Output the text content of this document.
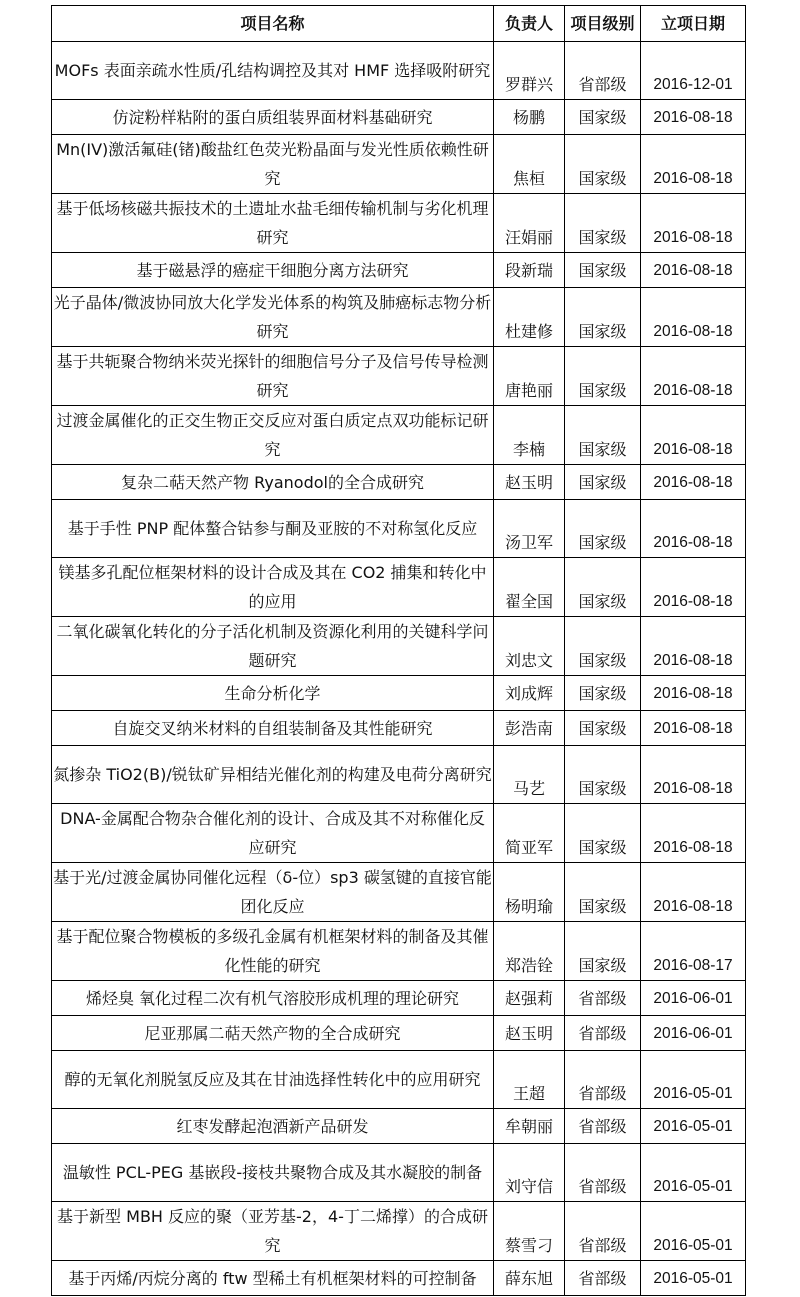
项目名称	负责人	项目级别	立项日期
MOFs 表面亲疏水性质/孔结构调控及其对 HMF 选择吸附研究	罗群兴	省部级	2016-12-01
仿淀粉样粘附的蛋白质组装界面材料基础研究	杨鹏	国家级	2016-08-18
Mn(IV)激活氟硅(锗)酸盐红色荧光粉晶面与发光性质依赖性研究	焦桓	国家级	2016-08-18
基于低场核磁共振技术的土遗址水盐毛细传输机制与劣化机理研究	汪娟丽	国家级	2016-08-18
基于磁悬浮的癌症干细胞分离方法研究	段新瑞	国家级	2016-08-18
光子晶体/微波协同放大化学发光体系的构筑及肺癌标志物分析研究	杜建修	国家级	2016-08-18
基于共轭聚合物纳米荧光探针的细胞信号分子及信号传导检测研究	唐艳丽	国家级	2016-08-18
过渡金属催化的正交生物正交反应对蛋白质定点双功能标记研究	李楠	国家级	2016-08-18
复杂二萜天然产物 Ryanodol的全合成研究	赵玉明	国家级	2016-08-18
基于手性 PNP 配体螯合钴参与酮及亚胺的不对称氢化反应	汤卫军	国家级	2016-08-18
镁基多孔配位框架材料的设计合成及其在 CO2 捕集和转化中的应用	翟全国	国家级	2016-08-18
二氧化碳氧化转化的分子活化机制及资源化利用的关键科学问题研究	刘忠文	国家级	2016-08-18
生命分析化学	刘成辉	国家级	2016-08-18
自旋交叉纳米材料的自组装制备及其性能研究	彭浩南	国家级	2016-08-18
氮掺杂 TiO2(B)/锐钛矿异相结光催化剂的构建及电荷分离研究	马艺	国家级	2016-08-18
DNA-金属配合物杂合催化剂的设计、合成及其不对称催化反应研究	简亚军	国家级	2016-08-18
基于光/过渡金属协同催化远程（δ-位）sp3 碳氢键的直接官能团化反应	杨明瑜	国家级	2016-08-18
基于配位聚合物模板的多级孔金属有机框架材料的制备及其催化性能的研究	郑浩铨	国家级	2016-08-17
烯烃臭 氧化过程二次有机气溶胶形成机理的理论研究	赵强莉	省部级	2016-06-01
尼亚那属二萜天然产物的全合成研究	赵玉明	省部级	2016-06-01
醇的无氧化剂脱氢反应及其在甘油选择性转化中的应用研究	王超	省部级	2016-05-01
红枣发酵起泡酒新产品研发	牟朝丽	省部级	2016-05-01
温敏性 PCL-PEG 基嵌段-接枝共聚物合成及其水凝胶的制备	刘守信	省部级	2016-05-01
基于新型 MBH 反应的聚（亚芳基-2，4-丁二烯撑）的合成研究	蔡雪刁	省部级	2016-05-01
基于丙烯/丙烷分离的 ftw 型稀土有机框架材料的可控制备	薛东旭	省部级	2016-05-01
